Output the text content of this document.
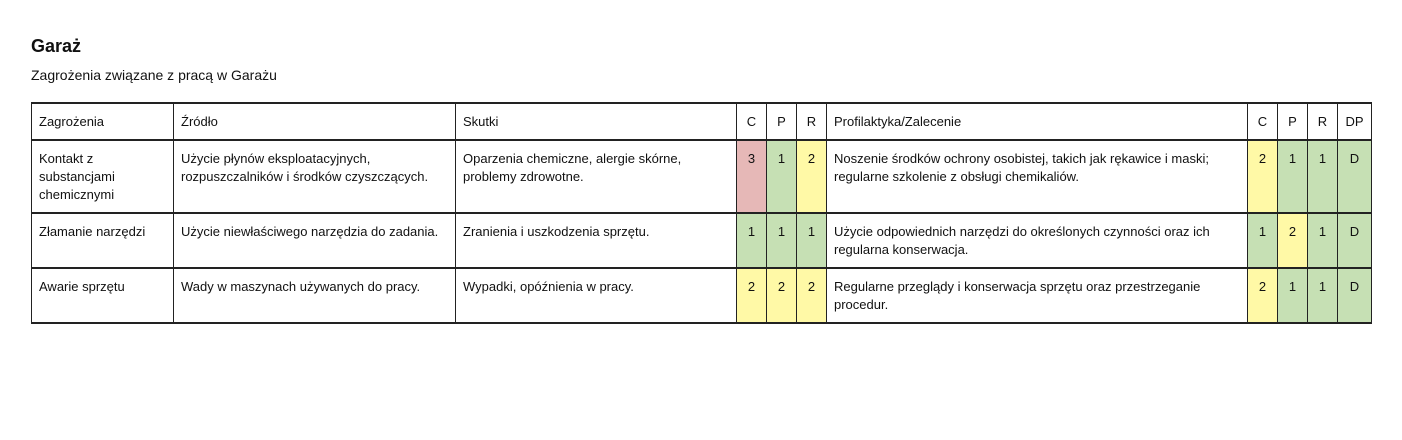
Garaż
Zagrożenia związane z pracą w Garażu
Zagrożenia	Źródło	Skutki	C	P	R	Profilaktyka/Zalecenie	C	P	R	DP
Kontakt z substancjami chemicznymi	Użycie płynów eksploatacyjnych, rozpuszczalników i środków czyszczących.	Oparzenia chemiczne, alergie skórne, problemy zdrowotne.	3	1	2	Noszenie środków ochrony osobistej, takich jak rękawice i maski; regularne szkolenie z obsługi chemikaliów.	2	1	1	D
Złamanie narzędzi	Użycie niewłaściwego narzędzia do zadania.	Zranienia i uszkodzenia sprzętu.	1	1	1	Użycie odpowiednich narzędzi do określonych czynności oraz ich regularna konserwacja.	1	2	1	D
Awarie sprzętu	Wady w maszynach używanych do pracy.	Wypadki, opóźnienia w pracy.	2	2	2	Regularne przeglądy i konserwacja sprzętu oraz przestrzeganie procedur.	2	1	1	D
